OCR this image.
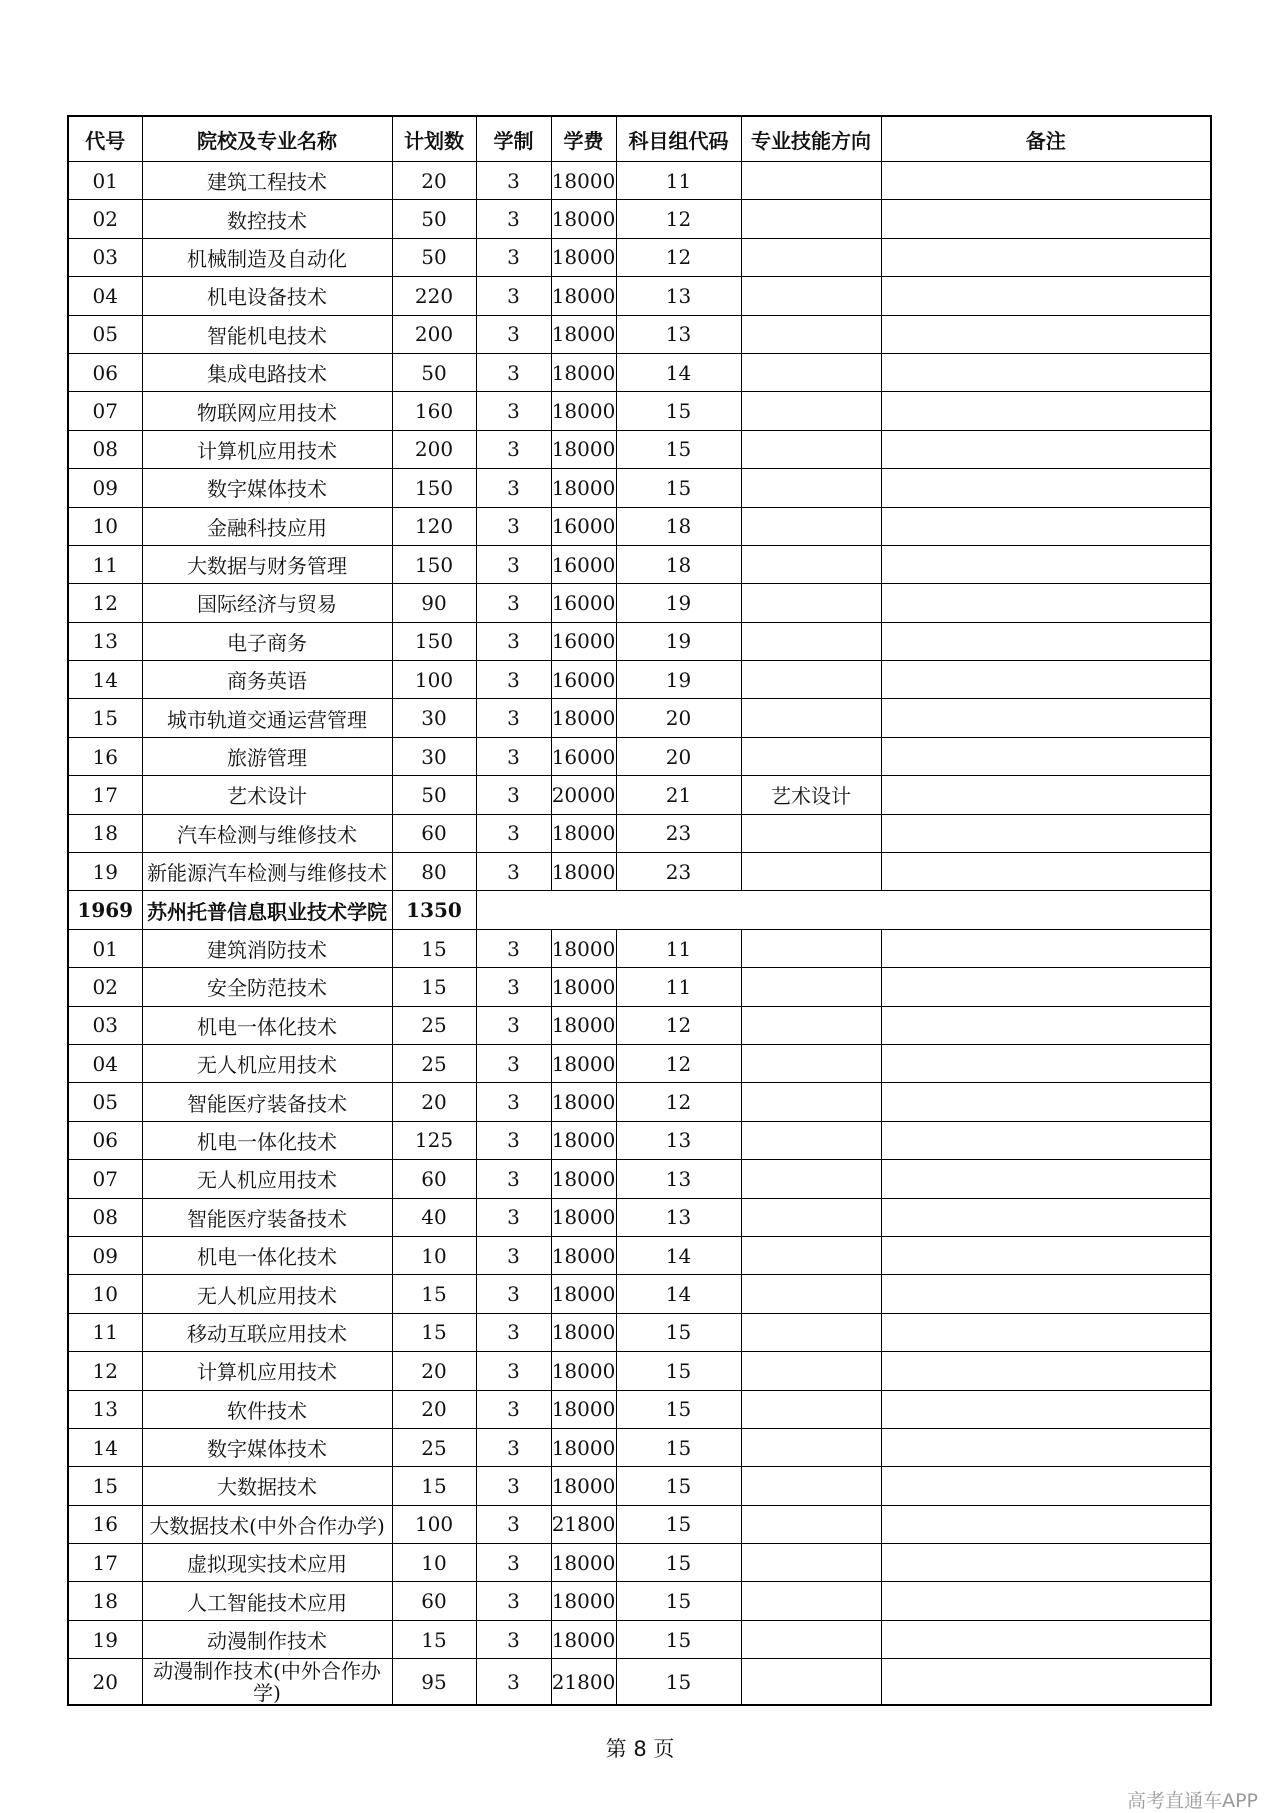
代号	院校及专业名称	计划数	学制	学费	科目组代码	专业技能方向	备注
01	建筑工程技术	20	3	18000	11		
02	数控技术	50	3	18000	12		
03	机械制造及自动化	50	3	18000	12		
04	机电设备技术	220	3	18000	13		
05	智能机电技术	200	3	18000	13		
06	集成电路技术	50	3	18000	14		
07	物联网应用技术	160	3	18000	15		
08	计算机应用技术	200	3	18000	15		
09	数字媒体技术	150	3	18000	15		
10	金融科技应用	120	3	16000	18		
11	大数据与财务管理	150	3	16000	18		
12	国际经济与贸易	90	3	16000	19		
13	电子商务	150	3	16000	19		
14	商务英语	100	3	16000	19		
15	城市轨道交通运营管理	30	3	18000	20		
16	旅游管理	30	3	16000	20		
17	艺术设计	50	3	20000	21	艺术设计	
18	汽车检测与维修技术	60	3	18000	23		
19	新能源汽车检测与维修技术	80	3	18000	23		
1969	苏州托普信息职业技术学院	1350					
01	建筑消防技术	15	3	18000	11		
02	安全防范技术	15	3	18000	11		
03	机电一体化技术	25	3	18000	12		
04	无人机应用技术	25	3	18000	12		
05	智能医疗装备技术	20	3	18000	12		
06	机电一体化技术	125	3	18000	13		
07	无人机应用技术	60	3	18000	13		
08	智能医疗装备技术	40	3	18000	13		
09	机电一体化技术	10	3	18000	14		
10	无人机应用技术	15	3	18000	14		
11	移动互联应用技术	15	3	18000	15		
12	计算机应用技术	20	3	18000	15		
13	软件技术	20	3	18000	15		
14	数字媒体技术	25	3	18000	15		
15	大数据技术	15	3	18000	15		
16	大数据技术(中外合作办学)	100	3	21800	15		
17	虚拟现实技术应用	10	3	18000	15		
18	人工智能技术应用	60	3	18000	15		
19	动漫制作技术	15	3	18000	15		
20	动漫制作技术(中外合作办学)	95	3	21800	15		
第 8 页
高考直通车APP
